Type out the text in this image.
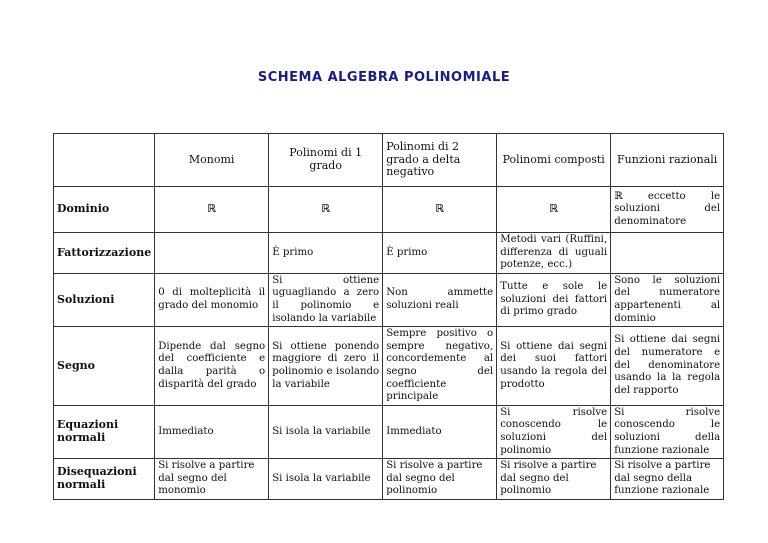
SCHEMA ALGEBRA POLINOMIALE
	Monomi	Polinomi di 1 grado	Polinomi di 2 grado a delta negativo	Polinomi composti	Funzioni razionali
Dominio	ℝ	ℝ	ℝ	ℝ	ℝ eccetto le soluzioni del denominatore
Fattorizzazione		È primo	È primo	Metodi vari (Ruffini, differenza di uguali potenze, ecc.)	
Soluzioni	0 di molteplicità il grado del monomio	Si ottiene uguagliando a zero il polinomio e isolando la variabile	Non ammette soluzioni reali	Tutte e sole le soluzioni dei fattori di primo grado	Sono le soluzioni del numeratore appartenenti al dominio
Segno	Dipende dal segno del coefficiente e dalla parità o disparità del grado	Si ottiene ponendo maggiore di zero il polinomio e isolando la variabile	Sempre positivo o sempre negativo, concordemente al segno del coefficiente principale	Si ottiene dai segni dei suoi fattori usando la regola del prodotto	Si ottiene dai segni del numeratore e del denominatore usando la la regola del rapporto
Equazioni normali	Immediato	Si isola la variabile	Immediato	Si risolve conoscendo le soluzioni del polinomio	Si risolve conoscendo le soluzioni della funzione razionale
Disequazioni normali	Si risolve a partire dal segno del monomio	Si isola la variabile	Si risolve a partire dal segno del polinomio	Si risolve a partire dal segno del polinomio	Si risolve a partire dal segno della funzione razionale
